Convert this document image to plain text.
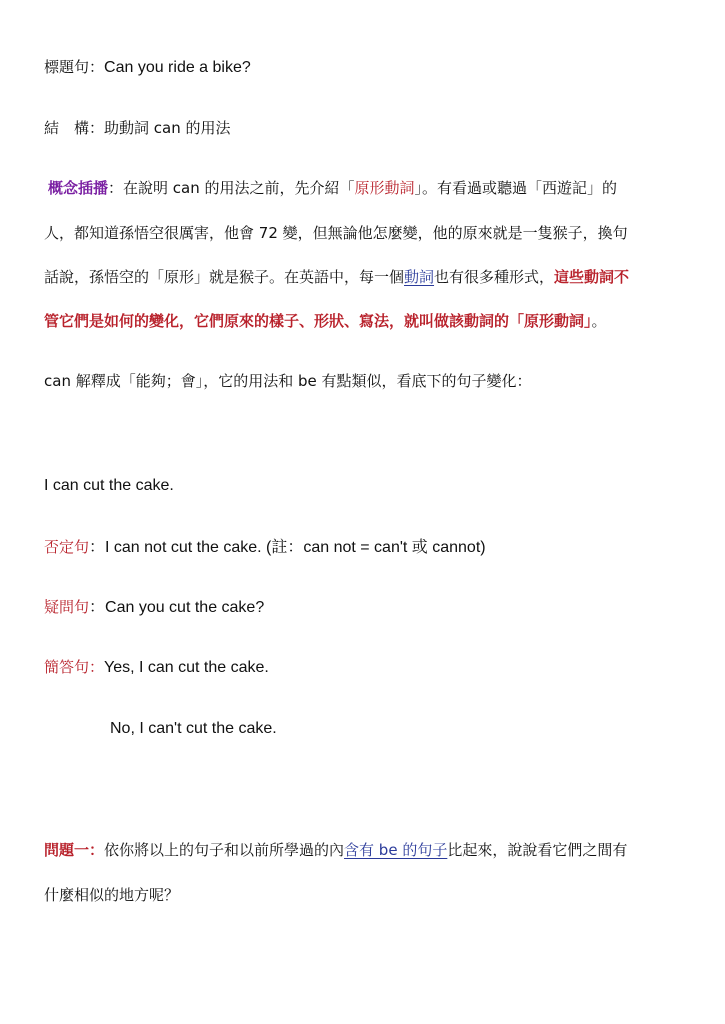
標題句：Can you ride a bike?
結　構：助動詞 can 的用法
概念插播：在說明 can 的用法之前，先介紹「原形動詞」。有看過或聽過「西遊記」的
人，都知道孫悟空很厲害，他會 72 變，但無論他怎麼變，他的原來就是一隻猴子，換句
話說，孫悟空的「原形」就是猴子。在英語中，每一個動詞也有很多種形式，這些動詞不
管它們是如何的變化，它們原來的樣子、形狀、寫法，就叫做該動詞的「原形動詞」。
can 解釋成「能夠；會」，它的用法和 be 有點類似，看底下的句子變化：
I can cut the cake.
否定句：I can not cut the cake. (註：can not = can't 或 cannot)
疑問句：Can you cut the cake?
簡答句：Yes, I can cut the cake.
No, I can't cut the cake.
問題一：依你將以上的句子和以前所學過的內含有 be 的句子比起來，說說看它們之間有
什麼相似的地方呢？
